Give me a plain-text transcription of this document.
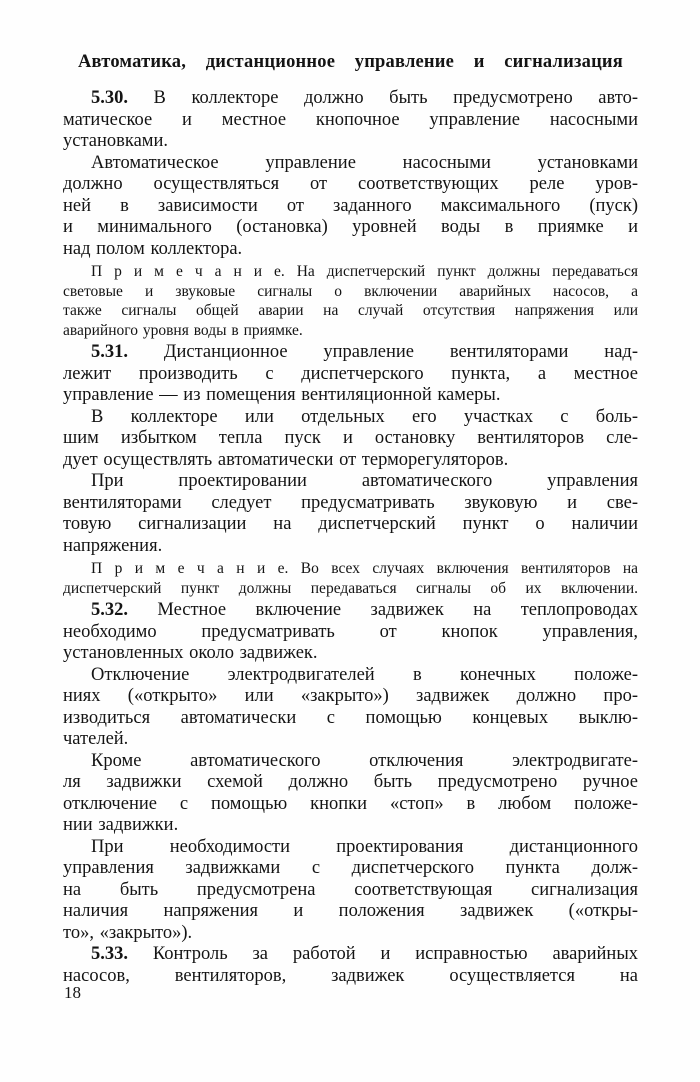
Автоматика, дистанционное управление и сигнализация
5.30. В коллекторе должно быть предусмотрено авто-
матическое и местное кнопочное управление насосными
установками.
Автоматическое управление насосными установками
должно осуществляться от соответствующих реле уров-
ней в зависимости от заданного максимального (пуск)
и минимального (остановка) уровней воды в приямке и
над полом коллектора.
П р и м е ч а н и е. На диспетчерский пункт должны передаваться
световые и звуковые сигналы о включении аварийных насосов, а
также сигналы общей аварии на случай отсутствия напряжения или
аварийного уровня воды в приямке.
5.31. Дистанционное управление вентиляторами над-
лежит производить с диспетчерского пункта, а местное
управление — из помещения вентиляционной камеры.
В коллекторе или отдельных его участках с боль-
шим избытком тепла пуск и остановку вентиляторов сле-
дует осуществлять автоматически от терморегуляторов.
При проектировании автоматического управления
вентиляторами следует предусматривать звуковую и све-
товую сигнализации на диспетчерский пункт о наличии
напряжения.
П р и м е ч а н и е. Во всех случаях включения вентиляторов на
диспетчерский пункт должны передаваться сигналы об их включении.
5.32. Местное включение задвижек на теплопроводах
необходимо предусматривать от кнопок управления,
установленных около задвижек.
Отключение электродвигателей в конечных положе-
ниях («открыто» или «закрыто») задвижек должно про-
изводиться автоматически с помощью концевых выклю-
чателей.
Кроме автоматического отключения электродвигате-
ля задвижки схемой должно быть предусмотрено ручное
отключение с помощью кнопки «стоп» в любом положе-
нии задвижки.
При необходимости проектирования дистанционного
управления задвижками с диспетчерского пункта долж-
на быть предусмотрена соответствующая сигнализация
наличия напряжения и положения задвижек («откры-
то», «закрыто»).
5.33. Контроль за работой и исправностью аварийных
насосов, вентиляторов, задвижек осуществляется на
18
